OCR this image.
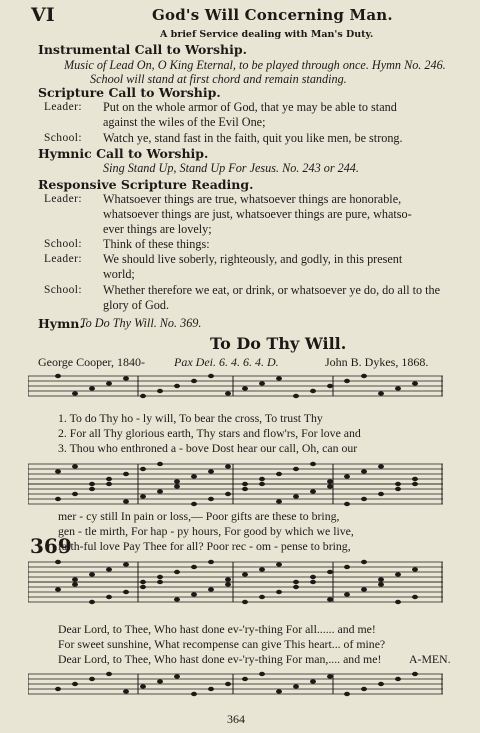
VI	God's Will Concerning Man.
A brief Service dealing with Man's Duty.
Instrumental Call to Worship.
Music of Lead On, O King Eternal, to be played through once. Hymn No. 246.
School will stand at first chord and remain standing.
Scripture Call to Worship.
Leader: Put on the whole armor of God, that ye may be able to stand
against the wiles of the Evil One;
School: Watch ye, stand fast in the faith, quit you like men, be strong.
Hymnic Call to Worship.
Sing Stand Up, Stand Up For Jesus. No. 243 or 244.
Responsive Scripture Reading.
Leader: Whatsoever things are true, whatsoever things are honorable,
whatsoever things are just, whatsoever things are pure, whatso-
ever things are lovely;
School: Think of these things:
Leader: We should live soberly, righteously, and godly, in this present
world;
School: Whether therefore we eat, or drink, or whatsoever ye do, do all to the
glory of God.
Hymn.
To Do Thy Will. No. 369.
To Do Thy Will.
George Cooper, 1840- Pax Dei. 6. 4. 6. 4. D.	John B. Dykes, 1868.
369
1. To do Thy ho - ly will, To bear the cross, To trust Thy
2. For all Thy glorious earth, Thy stars and flow'rs, For love and
3. Thou who enthroned a - bove Dost hear our call, Oh, can our
mer - cy still In pain or loss,— Poor gifts are these to bring,
gen - tle mirth, For hap - py hours, For good by which we live,
faith-ful love Pay Thee for all? Poor rec - om - pense to bring,
Dear Lord, to Thee, Who hast done ev-'ry-thing For all...... and me!
For sweet sunshine, What recompense can give This heart... of mine?
Dear Lord, to Thee, Who hast done ev-'ry-thing For man,.... and me! A-MEN.
364
